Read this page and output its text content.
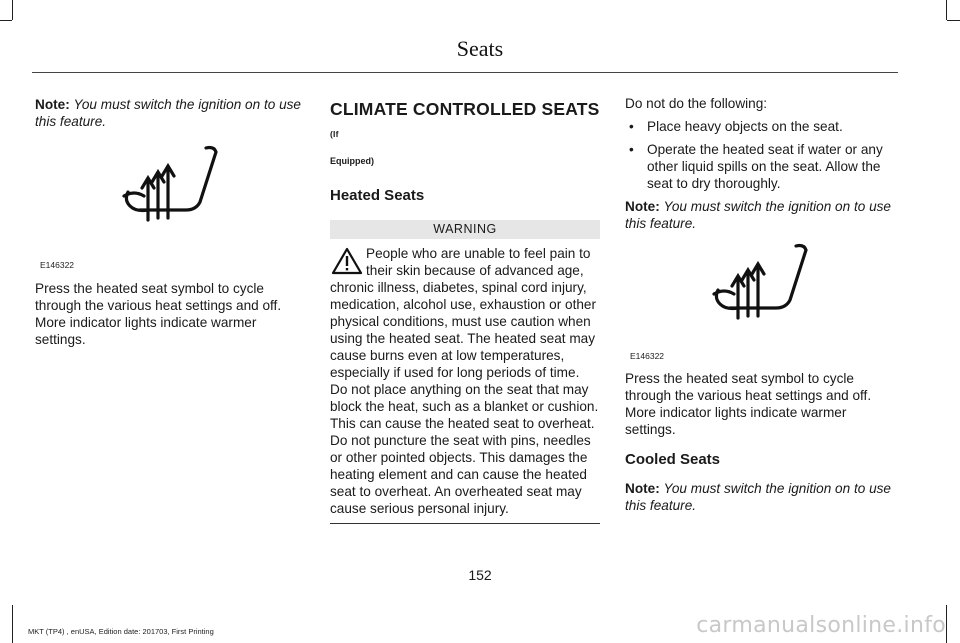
Seats

Note: You must switch the ignition on to use this feature.

E146322

Press the heated seat symbol to cycle through the various heat settings and off. More indicator lights indicate warmer settings.

CLIMATE CONTROLLED SEATS (If
Equipped)
Heated Seats
WARNING
People who are unable to feel pain to their skin because of advanced age, chronic illness, diabetes, spinal cord injury, medication, alcohol use, exhaustion or other physical conditions, must use caution when using the heated seat. The heated seat may cause burns even at low temperatures, especially if used for long periods of time. Do not place anything on the seat that may block the heat, such as a blanket or cushion. This can cause the heated seat to overheat. Do not puncture the seat with pins, needles or other pointed objects. This damages the heating element and can cause the heated seat to overheat. An overheated seat may cause serious personal injury.

Do not do the following:

• Place heavy objects on the seat.
• Operate the heated seat if water or any other liquid spills on the seat. Allow the seat to dry thoroughly.

Note: You must switch the ignition on to use this feature.

E146322

Press the heated seat symbol to cycle through the various heat settings and off. More indicator lights indicate warmer settings.

Cooled Seats

Note: You must switch the ignition on to use this feature.

152
MKT (TP4) , enUSA, Edition date: 201703, First Printing	carmanualsonline.info
